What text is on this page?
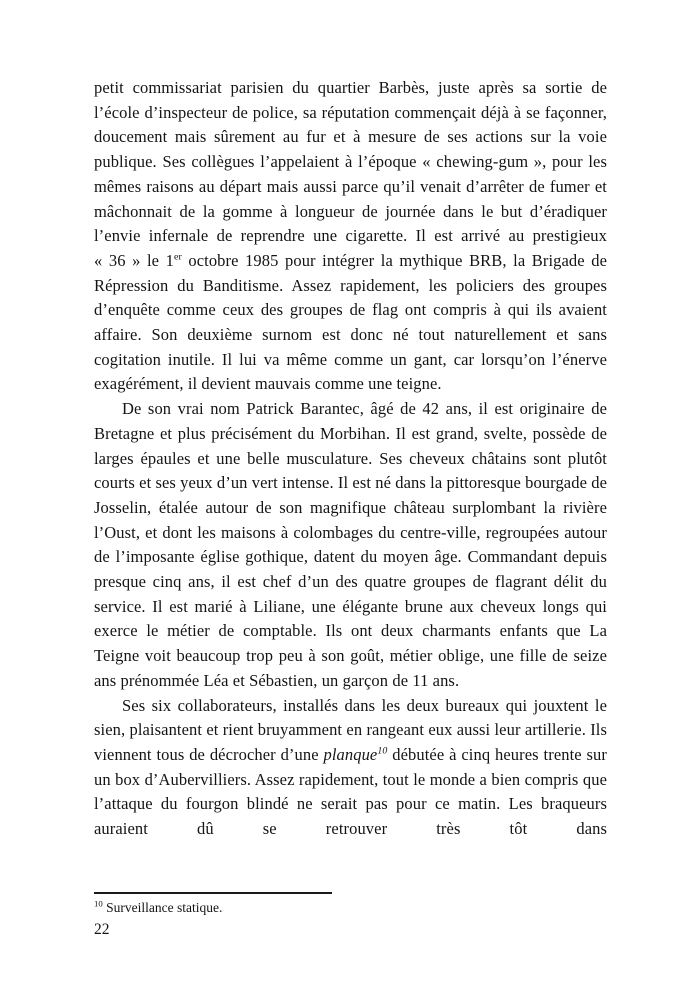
petit commissariat parisien du quartier Barbès, juste après sa sortie de l’école d’inspecteur de police, sa réputation commençait déjà à se façonner, doucement mais sûrement au fur et à mesure de ses actions sur la voie publique. Ses collègues l’appelaient à l’époque « chewing-gum », pour les mêmes raisons au départ mais aussi parce qu’il venait d’arrêter de fumer et mâchonnait de la gomme à longueur de journée dans le but d’éradiquer l’envie infernale de reprendre une cigarette. Il est arrivé au prestigieux « 36 » le 1er octobre 1985 pour intégrer la mythique BRB, la Brigade de Répression du Banditisme. Assez rapidement, les policiers des groupes d’enquête comme ceux des groupes de flag ont compris à qui ils avaient affaire. Son deuxième surnom est donc né tout naturellement et sans cogitation inutile. Il lui va même comme un gant, car lorsqu’on l’énerve exagérément, il devient mauvais comme une teigne.

De son vrai nom Patrick Barantec, âgé de 42 ans, il est originaire de Bretagne et plus précisément du Morbihan. Il est grand, svelte, possède de larges épaules et une belle musculature. Ses cheveux châtains sont plutôt courts et ses yeux d’un vert intense. Il est né dans la pittoresque bourgade de Josselin, étalée autour de son magnifique château surplombant la rivière l’Oust, et dont les maisons à colombages du centre-ville, regroupées autour de l’imposante église gothique, datent du moyen âge. Commandant depuis presque cinq ans, il est chef d’un des quatre groupes de flagrant délit du service. Il est marié à Liliane, une élégante brune aux cheveux longs qui exerce le métier de comptable. Ils ont deux charmants enfants que La Teigne voit beaucoup trop peu à son goût, métier oblige, une fille de seize ans prénommée Léa et Sébastien, un garçon de 11 ans.

Ses six collaborateurs, installés dans les deux bureaux qui jouxtent le sien, plaisantent et rient bruyamment en rangeant eux aussi leur artillerie. Ils viennent tous de décrocher d’une planque$^{10}$ débutée à cinq heures trente sur un box d’Aubervilliers. Assez rapidement, tout le monde a bien compris que l’attaque du fourgon blindé ne serait pas pour ce matin. Les braqueurs auraient dû se retrouver très tôt dans

$^{10}$ Surveillance statique.

22
